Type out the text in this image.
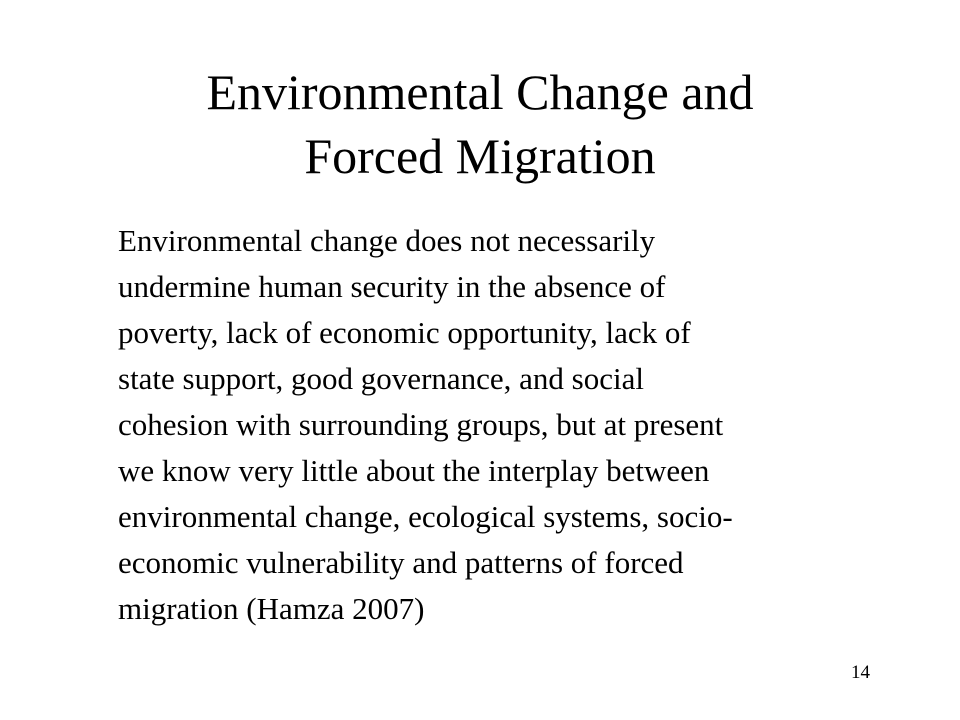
Environmental Change and
Forced Migration
Environmental change does not necessarily
undermine human security in the absence of
poverty, lack of economic opportunity, lack of
state support, good governance, and social
cohesion with surrounding groups, but at present
we know very little about the interplay between
environmental change, ecological systems, socio-
economic vulnerability and patterns of forced
migration (Hamza 2007)
14
